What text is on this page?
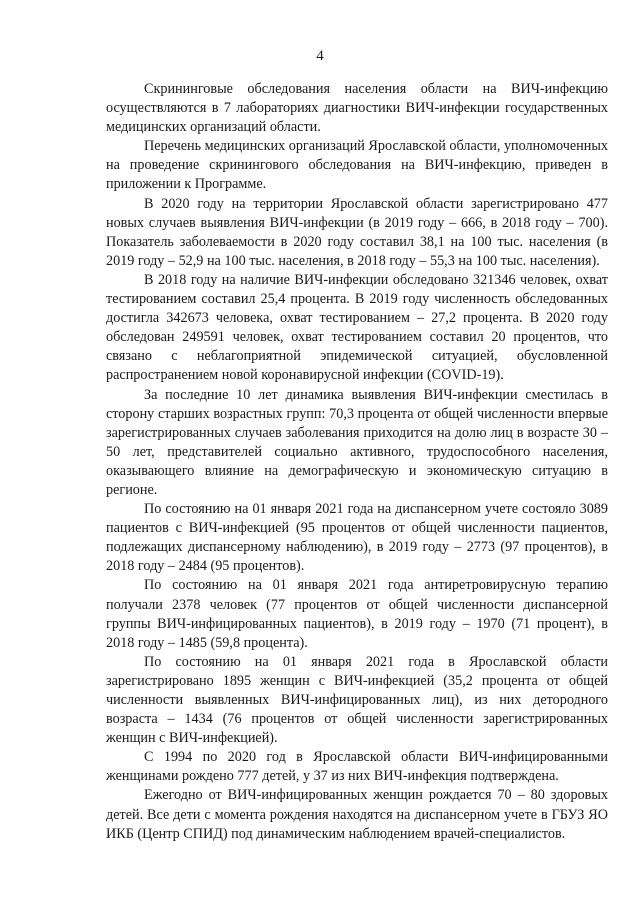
4

Скрининговые обследования населения области на ВИЧ-инфекцию осуществляются в 7 лабораториях диагностики ВИЧ-инфекции государственных медицинских организаций области.

Перечень медицинских организаций Ярославской области, уполномоченных на проведение скринингового обследования на ВИЧ-инфекцию, приведен в приложении к Программе.

В 2020 году на территории Ярославской области зарегистрировано 477 новых случаев выявления ВИЧ-инфекции (в 2019 году – 666, в 2018 году – 700). Показатель заболеваемости в 2020 году составил 38,1 на 100 тыс. населения (в 2019 году – 52,9 на 100 тыс. населения, в 2018 году – 55,3 на 100 тыс. населения).

В 2018 году на наличие ВИЧ-инфекции обследовано 321346 человек, охват тестированием составил 25,4 процента. В 2019 году численность обследованных достигла 342673 человека, охват тестированием – 27,2 процента. В 2020 году обследован 249591 человек, охват тестированием составил 20 процентов, что связано с неблагоприятной эпидемической ситуацией, обусловленной распространением новой коронавирусной инфекции (COVID-19).

За последние 10 лет динамика выявления ВИЧ-инфекции сместилась в сторону старших возрастных групп: 70,3 процента от общей численности впервые зарегистрированных случаев заболевания приходится на долю лиц в возрасте 30 – 50 лет, представителей социально активного, трудоспособного населения, оказывающего влияние на демографическую и экономическую ситуацию в регионе.

По состоянию на 01 января 2021 года на диспансерном учете состояло 3089 пациентов с ВИЧ-инфекцией (95 процентов от общей численности пациентов, подлежащих диспансерному наблюдению), в 2019 году – 2773 (97 процентов), в 2018 году – 2484 (95 процентов).

По состоянию на 01 января 2021 года антиретровирусную терапию получали 2378 человек (77 процентов от общей численности диспансерной группы ВИЧ-инфицированных пациентов), в 2019 году – 1970 (71 процент), в 2018 году – 1485 (59,8 процента).

По состоянию на 01 января 2021 года в Ярославской области зарегистрировано 1895 женщин с ВИЧ-инфекцией (35,2 процента от общей численности выявленных ВИЧ-инфицированных лиц), из них детородного возраста – 1434 (76 процентов от общей численности зарегистрированных женщин с ВИЧ-инфекцией).

С 1994 по 2020 год в Ярославской области ВИЧ-инфицированными женщинами рождено 777 детей, у 37 из них ВИЧ-инфекция подтверждена.

Ежегодно от ВИЧ-инфицированных женщин рождается 70 – 80 здоровых детей. Все дети с момента рождения находятся на диспансерном учете в ГБУЗ ЯО ИКБ (Центр СПИД) под динамическим наблюдением врачей-специалистов.
